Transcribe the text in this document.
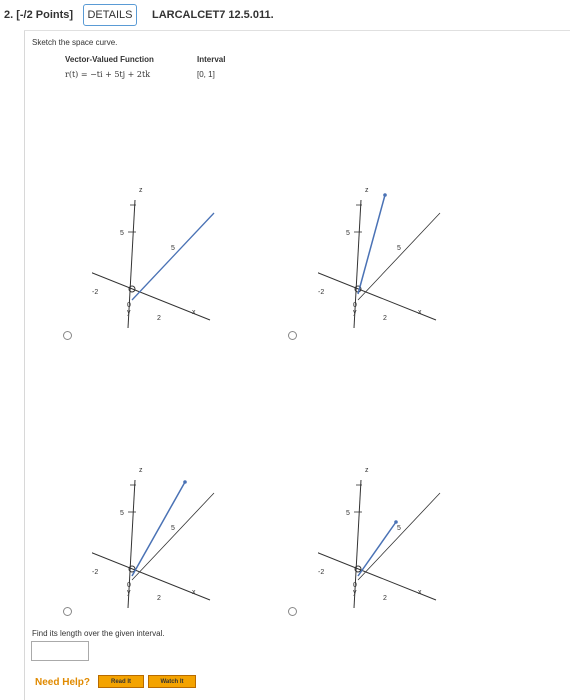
2. [-/2 Points]	DETAILS	LARCALCET7 12.5.011.
Sketch the space curve.
Vector-Valued Function	Interval
r(t) = −ti + 5tj + 2tk	[0, 1]
z
5
5
-2
0
y
2
x
z
5
5
-2
0
y
2
x
z
5
5
-2
0
y
2
x
z
5
5
-2
0
y
2
x
Find its length over the given interval.
Need Help?	Read It	Watch It
